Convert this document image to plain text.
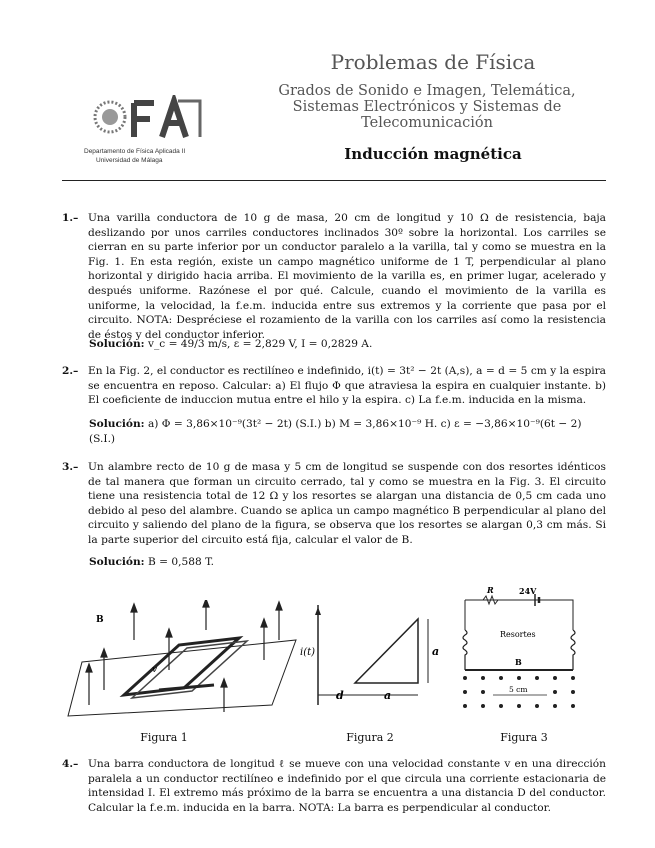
Departamento de Física Aplicada II
Universidad de Málaga
Problemas de Física
Grados de Sonido e Imagen, Telemática,
Sistemas Electrónicos y Sistemas de
Telecomunicación
Inducción magnética
1.– Una varilla conductora de 10 g de masa, 20 cm de longitud y 10 Ω de resistencia, baja deslizando por unos carriles conductores inclinados 30º sobre la horizontal. Los carriles se cierran en su parte inferior por un conductor paralelo a la varilla, tal y como se muestra en la Fig. 1. En esta región, existe un campo magnético uniforme de 1 T, perpendicular al plano horizontal y dirigido hacia arriba. El movimiento de la varilla es, en primer lugar, acelerado y después uniforme. Razónese el por qué. Calcule, cuando el movimiento de la varilla es uniforme, la velocidad, la f.e.m. inducida entre sus extremos y la corriente que pasa por el circuito. NOTA: Despréciese el rozamiento de la varilla con los carriles así como la resistencia de éstos y del conductor inferior.
Solución: v_c = 49/3 m/s, ε = 2,829 V, I = 0,2829 A.
2.– En la Fig. 2, el conductor es rectilíneo e indefinido, i(t) = 3t² − 2t (A,s), a = d = 5 cm y la espira se encuentra en reposo. Calcular: a) El flujo Φ que atraviesa la espira en cualquier instante. b) El coeficiente de induccion mutua entre el hilo y la espira. c) La f.e.m. inducida en la misma.
Solución: a) Φ = 3,86×10⁻⁹(3t² − 2t) (S.I.) b) M = 3,86×10⁻⁹ H. c) ε = −3,86×10⁻⁹(6t − 2) (S.I.)
3.– Un alambre recto de 10 g de masa y 5 cm de longitud se suspende con dos resortes idénticos de tal manera que forman un circuito cerrado, tal y como se muestra en la Fig. 3. El circuito tiene una resistencia total de 12 Ω y los resortes se alargan una distancia de 0,5 cm cada uno debido al peso del alambre. Cuando se aplica un campo magnético B perpendicular al plano del circuito y saliendo del plano de la figura, se observa que los resortes se alargan 0,3 cm más. Si la parte superior del circuito está fija, calcular el valor de B.
Solución: B = 0,588 T.
B
v
Figura 1
i(t)	a
d	a
Figura 2
R	24V
Resortes
B
5 cm
Figura 3
4.– Una barra conductora de longitud ℓ se mueve con una velocidad constante v en una dirección paralela a un conductor rectilíneo e indefinido por el que circula una corriente estacionaria de intensidad I. El extremo más próximo de la barra se encuentra a una distancia D del conductor. Calcular la f.e.m. inducida en la barra. NOTA: La barra es perpendicular al conductor.
